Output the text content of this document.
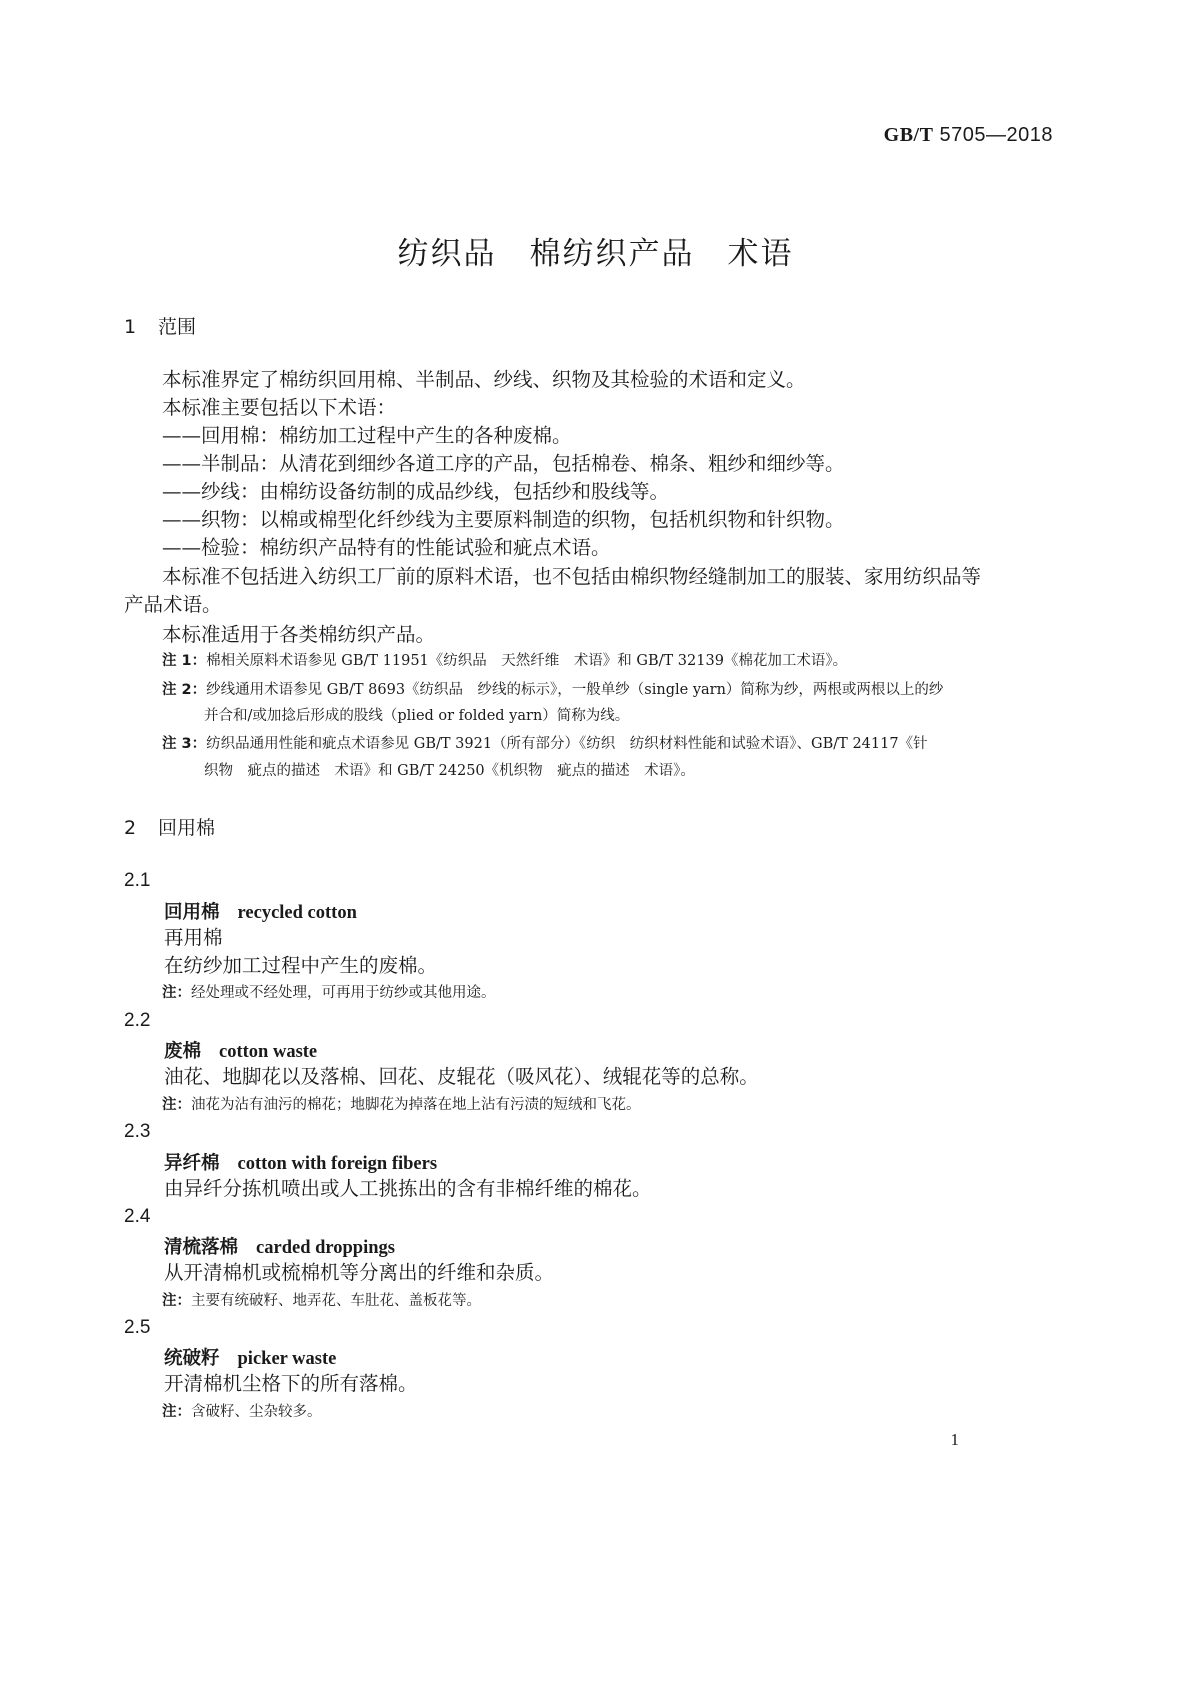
GB/T 5705—2018
纺织品　棉纺织产品　术语
1 范围
本标准界定了棉纺织回用棉、半制品、纱线、织物及其检验的术语和定义。
本标准主要包括以下术语：
——回用棉：棉纺加工过程中产生的各种废棉。
——半制品：从清花到细纱各道工序的产品，包括棉卷、棉条、粗纱和细纱等。
——纱线：由棉纺设备纺制的成品纱线，包括纱和股线等。
——织物：以棉或棉型化纤纱线为主要原料制造的织物，包括机织物和针织物。
——检验：棉纺织产品特有的性能试验和疵点术语。
本标准不包括进入纺织工厂前的原料术语，也不包括由棉织物经缝制加工的服装、家用纺织品等产品术语。
本标准适用于各类棉纺织产品。
注 1：棉相关原料术语参见 GB/T 11951《纺织品　天然纤维　术语》和 GB/T 32139《棉花加工术语》。
注 2：纱线通用术语参见 GB/T 8693《纺织品　纱线的标示》，一般单纱（single yarn）简称为纱，两根或两根以上的纱
并合和/或加捻后形成的股线（plied or folded yarn）简称为线。
注 3：纺织品通用性能和疵点术语参见 GB/T 3921（所有部分）《纺织　纺织材料性能和试验术语》、GB/T 24117《针
织物　疵点的描述　术语》和 GB/T 24250《机织物　疵点的描述　术语》。
2 回用棉
2.1
回用棉 recycled cotton
再用棉
在纺纱加工过程中产生的废棉。
注：经处理或不经处理，可再用于纺纱或其他用途。
2.2
废棉 cotton waste
油花、地脚花以及落棉、回花、皮辊花（吸风花）、绒辊花等的总称。
注：油花为沾有油污的棉花；地脚花为掉落在地上沾有污渍的短绒和飞花。
2.3
异纤棉 cotton with foreign fibers
由异纤分拣机喷出或人工挑拣出的含有非棉纤维的棉花。
2.4
清梳落棉 carded droppings
从开清棉机或梳棉机等分离出的纤维和杂质。
注：主要有统破籽、地弄花、车肚花、盖板花等。
2.5
统破籽 picker waste
开清棉机尘格下的所有落棉。
注：含破籽、尘杂较多。
1
